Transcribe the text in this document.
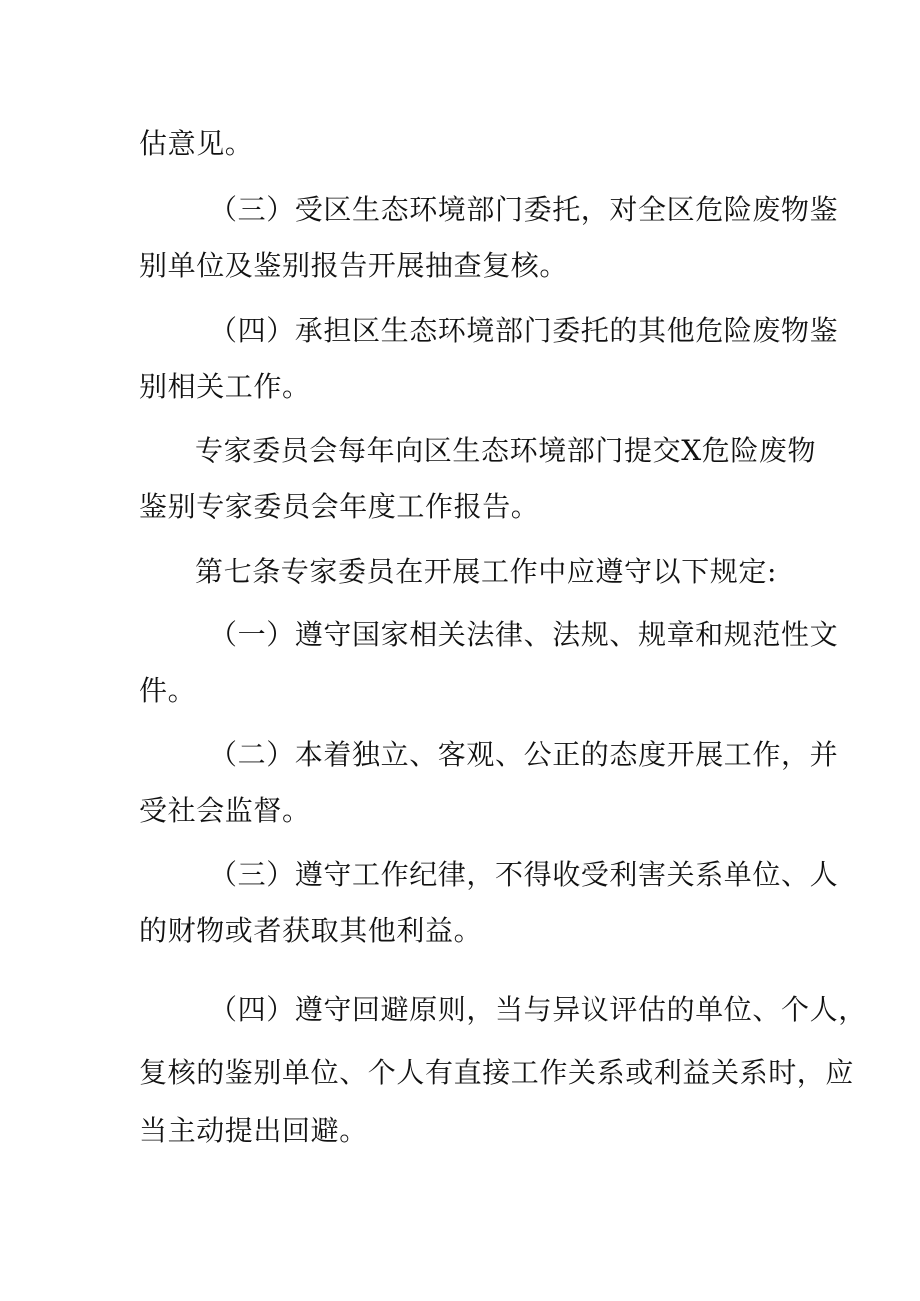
估意见。
（三）受区生态环境部门委托，对全区危险废物鉴
别单位及鉴别报告开展抽查复核。
（四）承担区生态环境部门委托的其他危险废物鉴
别相关工作。
专家委员会每年向区生态环境部门提交X危险废物
鉴别专家委员会年度工作报告。
第七条专家委员在开展工作中应遵守以下规定:
（一）遵守国家相关法律、法规、规章和规范性文
件。
（二）本着独立、客观、公正的态度开展工作，并
受社会监督。
（三）遵守工作纪律，不得收受利害关系单位、人
的财物或者获取其他利益。
（四）遵守回避原则，当与异议评估的单位、个人，
复核的鉴别单位、个人有直接工作关系或利益关系时，应
当主动提出回避。
